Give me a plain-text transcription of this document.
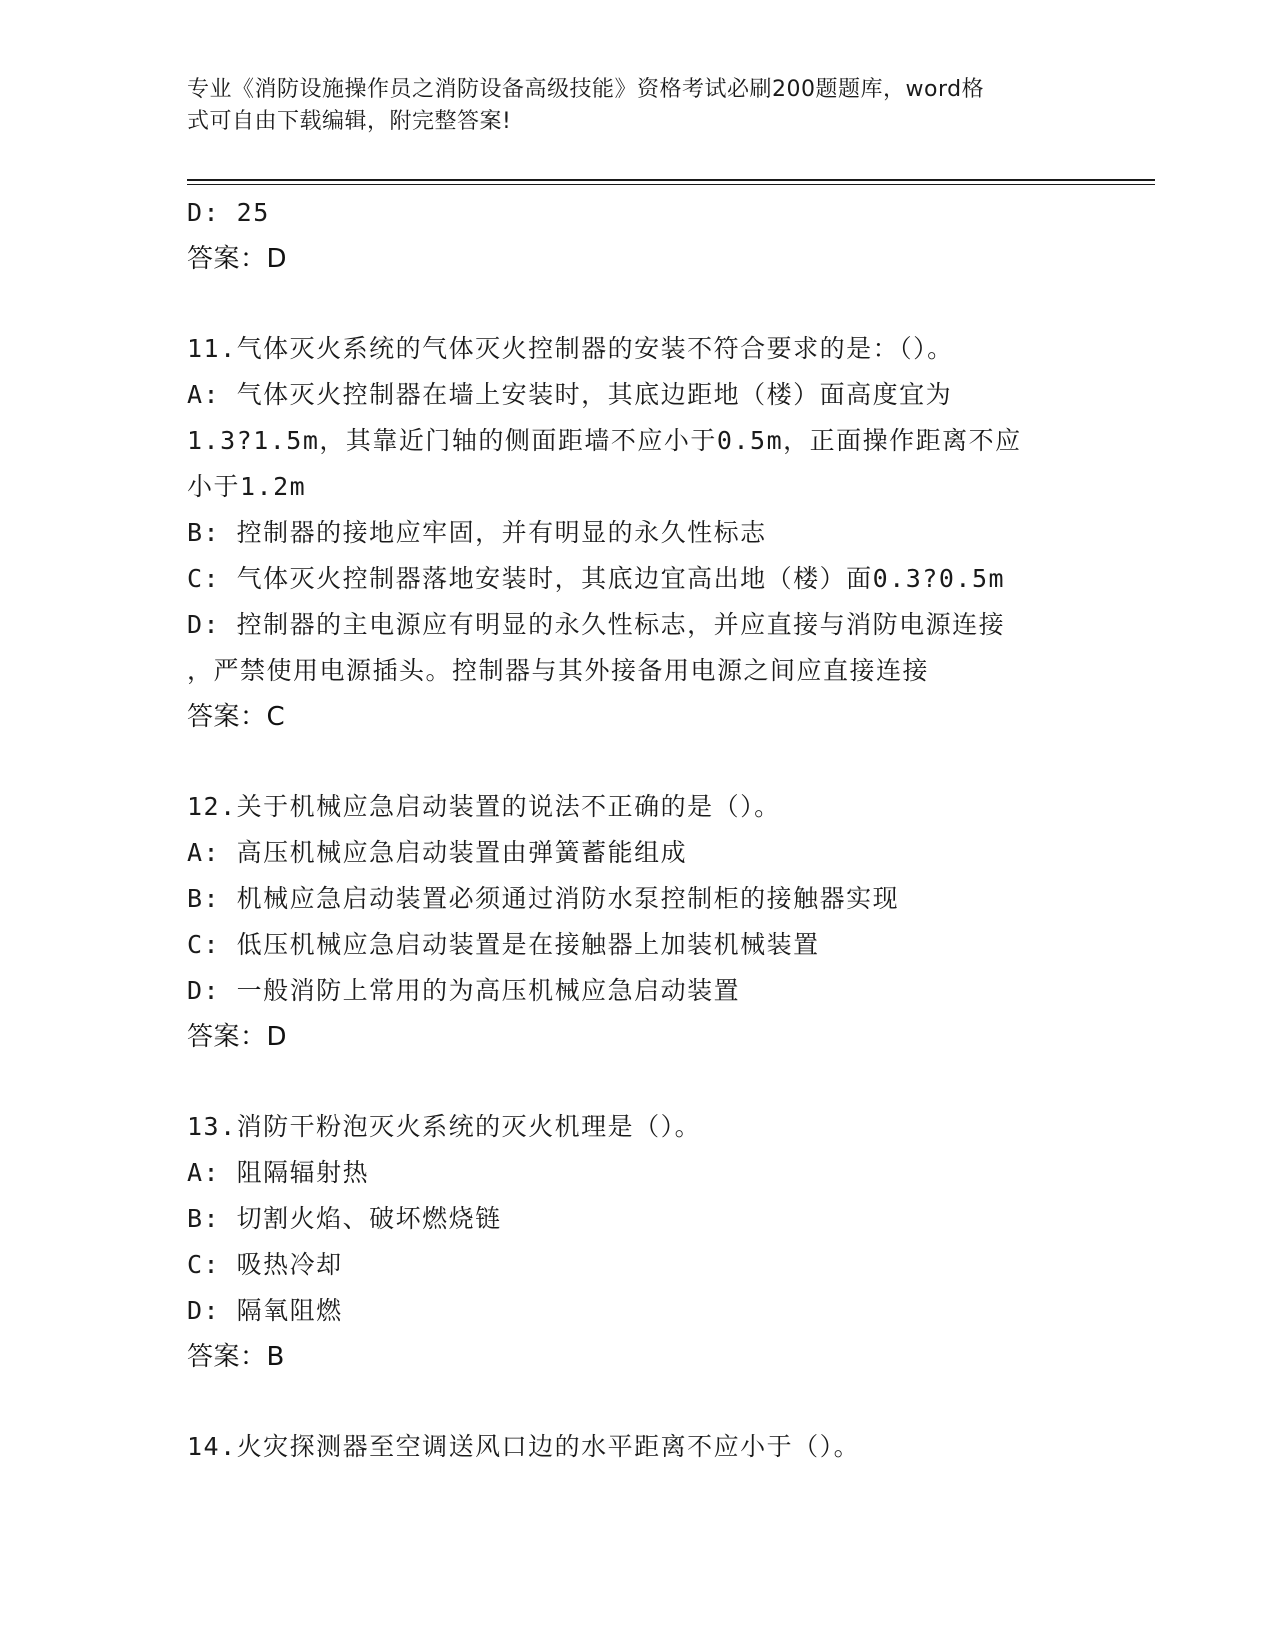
专业《消防设施操作员之消防设备高级技能》资格考试必刷200题题库，word格
式可自由下载编辑，附完整答案!
D: 25
答案：D
11.气体灭火系统的气体灭火控制器的安装不符合要求的是：（）。
A: 气体灭火控制器在墙上安装时，其底边距地（楼）面高度宜为
1.3?1.5m，其靠近门轴的侧面距墙不应小于0.5m，正面操作距离不应
小于1.2m
B: 控制器的接地应牢固，并有明显的永久性标志
C: 气体灭火控制器落地安装时，其底边宜高出地（楼）面0.3?0.5m
D: 控制器的主电源应有明显的永久性标志，并应直接与消防电源连接
，严禁使用电源插头。控制器与其外接备用电源之间应直接连接
答案：C
12.关于机械应急启动装置的说法不正确的是（）。
A: 高压机械应急启动装置由弹簧蓄能组成
B: 机械应急启动装置必须通过消防水泵控制柜的接触器实现
C: 低压机械应急启动装置是在接触器上加装机械装置
D: 一般消防上常用的为高压机械应急启动装置
答案：D
13.消防干粉泡灭火系统的灭火机理是（）。
A: 阻隔辐射热
B: 切割火焰、破坏燃烧链
C: 吸热冷却
D: 隔氧阻燃
答案：B
14.火灾探测器至空调送风口边的水平距离不应小于（）。
